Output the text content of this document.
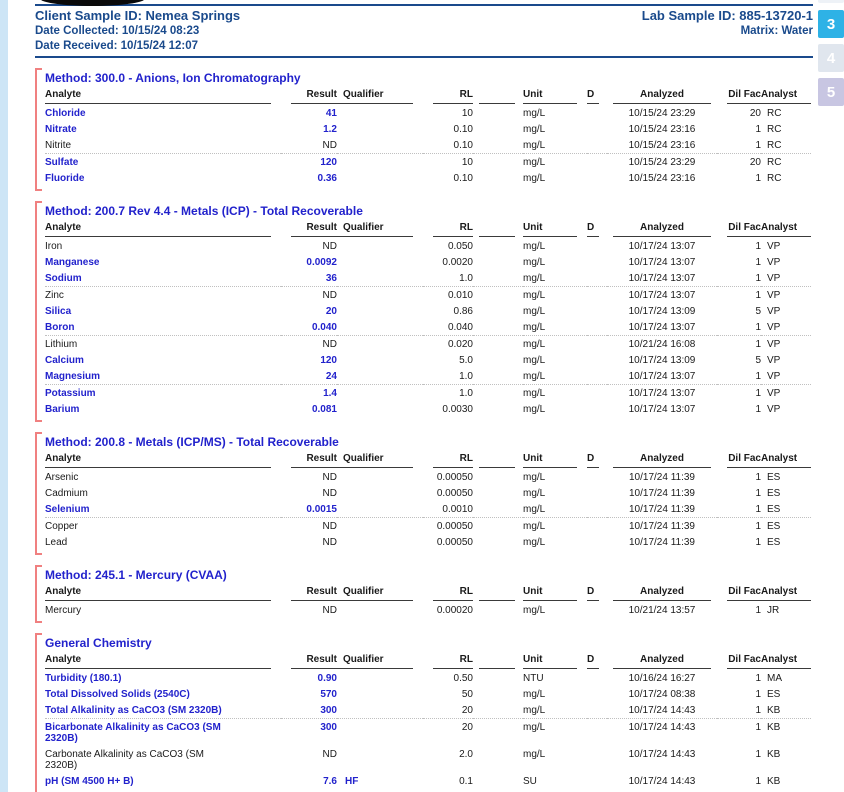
Client Sample ID: Nemea Springs	Lab Sample ID: 885-13720-1
Date Collected: 10/15/24 08:23	Matrix: Water
Date Received: 10/15/24 12:07
Method: 300.0 - Anions, Ion Chromatography
Analyte	Result	Qualifier	RL		Unit	D	Analyzed	Dil Fac	Analyst
Chloride	41		10		mg/L		10/15/24 23:29	20	RC
Nitrate	1.2		0.10		mg/L		10/15/24 23:16	1	RC
Nitrite	ND		0.10		mg/L		10/15/24 23:16	1	RC
Sulfate	120		10		mg/L		10/15/24 23:29	20	RC
Fluoride	0.36		0.10		mg/L		10/15/24 23:16	1	RC
Method: 200.7 Rev 4.4 - Metals (ICP) - Total Recoverable
Analyte	Result	Qualifier	RL		Unit	D	Analyzed	Dil Fac	Analyst
Iron	ND		0.050		mg/L		10/17/24 13:07	1	VP
Manganese	0.0092		0.0020		mg/L		10/17/24 13:07	1	VP
Sodium	36		1.0		mg/L		10/17/24 13:07	1	VP
Zinc	ND		0.010		mg/L		10/17/24 13:07	1	VP
Silica	20		0.86		mg/L		10/17/24 13:09	5	VP
Boron	0.040		0.040		mg/L		10/17/24 13:07	1	VP
Lithium	ND		0.020		mg/L		10/21/24 16:08	1	VP
Calcium	120		5.0		mg/L		10/17/24 13:09	5	VP
Magnesium	24		1.0		mg/L		10/17/24 13:07	1	VP
Potassium	1.4		1.0		mg/L		10/17/24 13:07	1	VP
Barium	0.081		0.0030		mg/L		10/17/24 13:07	1	VP
Method: 200.8 - Metals (ICP/MS) - Total Recoverable
Analyte	Result	Qualifier	RL		Unit	D	Analyzed	Dil Fac	Analyst
Arsenic	ND		0.00050		mg/L		10/17/24 11:39	1	ES
Cadmium	ND		0.00050		mg/L		10/17/24 11:39	1	ES
Selenium	0.0015		0.0010		mg/L		10/17/24 11:39	1	ES
Copper	ND		0.00050		mg/L		10/17/24 11:39	1	ES
Lead	ND		0.00050		mg/L		10/17/24 11:39	1	ES
Method: 245.1 - Mercury (CVAA)
Analyte	Result	Qualifier	RL		Unit	D	Analyzed	Dil Fac	Analyst
Mercury	ND		0.00020		mg/L		10/21/24 13:57	1	JR
General Chemistry
Analyte	Result	Qualifier	RL		Unit	D	Analyzed	Dil Fac	Analyst
Turbidity (180.1)	0.90		0.50		NTU		10/16/24 16:27	1	MA
Total Dissolved Solids (2540C)	570		50		mg/L		10/17/24 08:38	1	ES
Total Alkalinity as CaCO3 (SM 2320B)	300		20		mg/L		10/17/24 14:43	1	KB
Bicarbonate Alkalinity as CaCO3 (SM 2320B)	300		20		mg/L		10/17/24 14:43	1	KB
Carbonate Alkalinity as CaCO3 (SM 2320B)	ND		2.0		mg/L		10/17/24 14:43	1	KB
pH (SM 4500 H+ B)	7.6	HF	0.1		SU		10/17/24 14:43	1	KB
3
4
5
